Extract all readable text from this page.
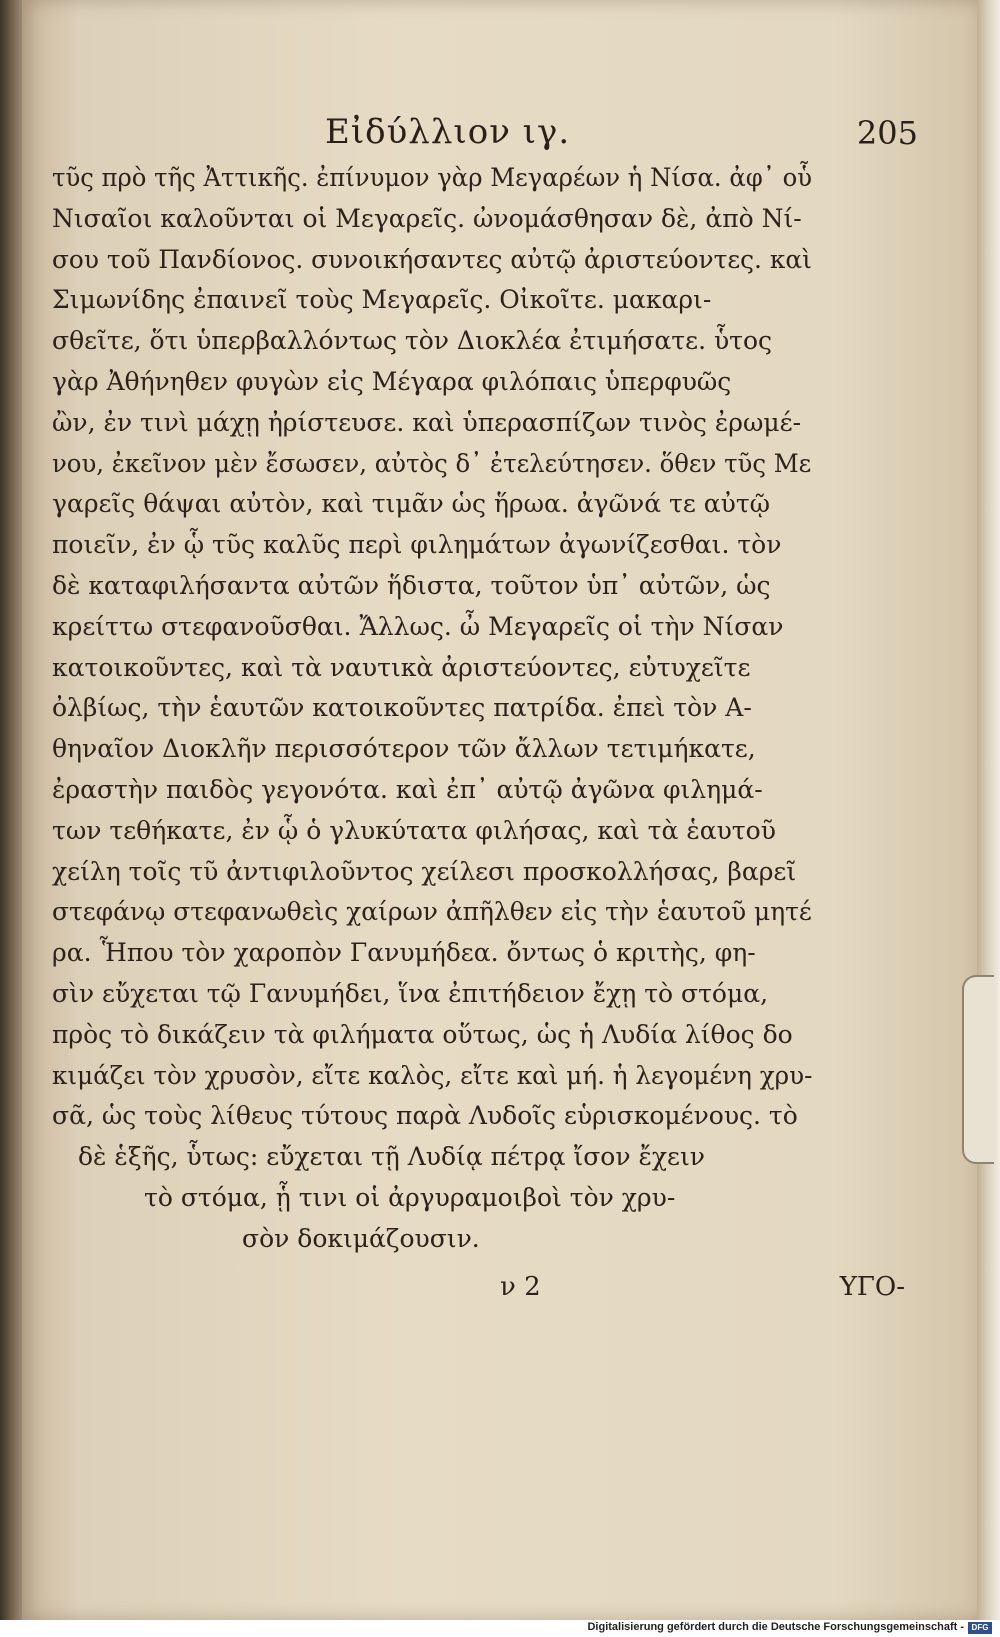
Εἰδύλλιον ιγ.	205
τῦς πρὸ τῆς Ἀττικῆς. ἐπίνυμον γὰρ Μεγαρέων ἡ Νίσα. ἀφ᾽ οὗ
Νισαῖοι καλοῦνται οἱ Μεγαρεῖς. ὠνομάσθησαν δὲ, ἀπὸ Νί-
σου τοῦ Πανδίονος. συνοικήσαντες αὐτῷ ἀριστεύοντες. καὶ
Σιμωνίδης ἐπαινεῖ τοὺς Μεγαρεῖς. Οἰκοῖτε. μακαρι-
σθεῖτε, ὅτι ὑπερβαλλόντως τὸν Διοκλέα ἐτιμήσατε. ὗτος
γὰρ Ἀθήνηθεν φυγὼν εἰς Μέγαρα φιλόπαις ὑπερφυῶς
ὢν, ἐν τινὶ μάχῃ ἠρίστευσε. καὶ ὑπερασπίζων τινὸς ἐρωμέ-
νου, ἐκεῖνον μὲν ἔσωσεν, αὐτὸς δ᾽ ἐτελεύτησεν. ὅθεν τῦς Με
γαρεῖς θάψαι αὐτὸν, καὶ τιμᾶν ὡς ἥρωα. ἀγῶνά τε αὐτῷ
ποιεῖν, ἐν ᾧ τῦς καλῦς περὶ φιλημάτων ἀγωνίζεσθαι. τὸν
δὲ καταφιλήσαντα αὐτῶν ἥδιστα, τοῦτον ὑπ᾽ αὐτῶν, ὡς
κρείττω στεφανοῦσθαι. Ἄλλως. ὦ Μεγαρεῖς οἱ τὴν Νίσαν
κατοικοῦντες, καὶ τὰ ναυτικὰ ἀριστεύοντες, εὐτυχεῖτε
ὀλβίως, τὴν ἑαυτῶν κατοικοῦντες πατρίδα. ἐπεὶ τὸν Α-
θηναῖον Διοκλῆν περισσότερον τῶν ἄλλων τετιμήκατε,
ἐραστὴν παιδὸς γεγονότα. καὶ ἐπ᾽ αὐτῷ ἀγῶνα φιλημά-
των τεθήκατε, ἐν ᾧ ὁ γλυκύτατα φιλήσας, καὶ τὰ ἑαυτοῦ
χείλη τοῖς τῦ ἀντιφιλοῦντος χείλεσι προσκολλήσας, βαρεῖ
στεφάνῳ στεφανωθεὶς χαίρων ἀπῆλθεν εἰς τὴν ἑαυτοῦ μητέ
ρα. Ἧπου τὸν χαροπὸν Γανυμήδεα. ὄντως ὁ κριτὴς, φη-
σὶν εὔχεται τῷ Γανυμήδει, ἵνα ἐπιτήδειον ἔχῃ τὸ στόμα,
πρὸς τὸ δικάζειν τὰ φιλήματα οὕτως, ὡς ἡ Λυδία λίθος δο
κιμάζει τὸν χρυσὸν, εἴτε καλὸς, εἴτε καὶ μή. ἡ λεγομένη χρυ-
σᾶ, ὡς τοὺς λίθευς τύτους παρὰ Λυδοῖς εὑρισκομένους. τὸ
δὲ ἑξῆς, ὗτως: εὔχεται τῇ Λυδίᾳ πέτρᾳ ἴσον ἔχειν
τὸ στόμα, ᾗ τινι οἱ ἀργυραμοιβοὶ τὸν χρυ-
σὸν δοκιμάζουσιν.
ν 2	ΥΓΟ-
Digitalisierung gefördert durch die Deutsche Forschungsgemeinschaft - DFG
